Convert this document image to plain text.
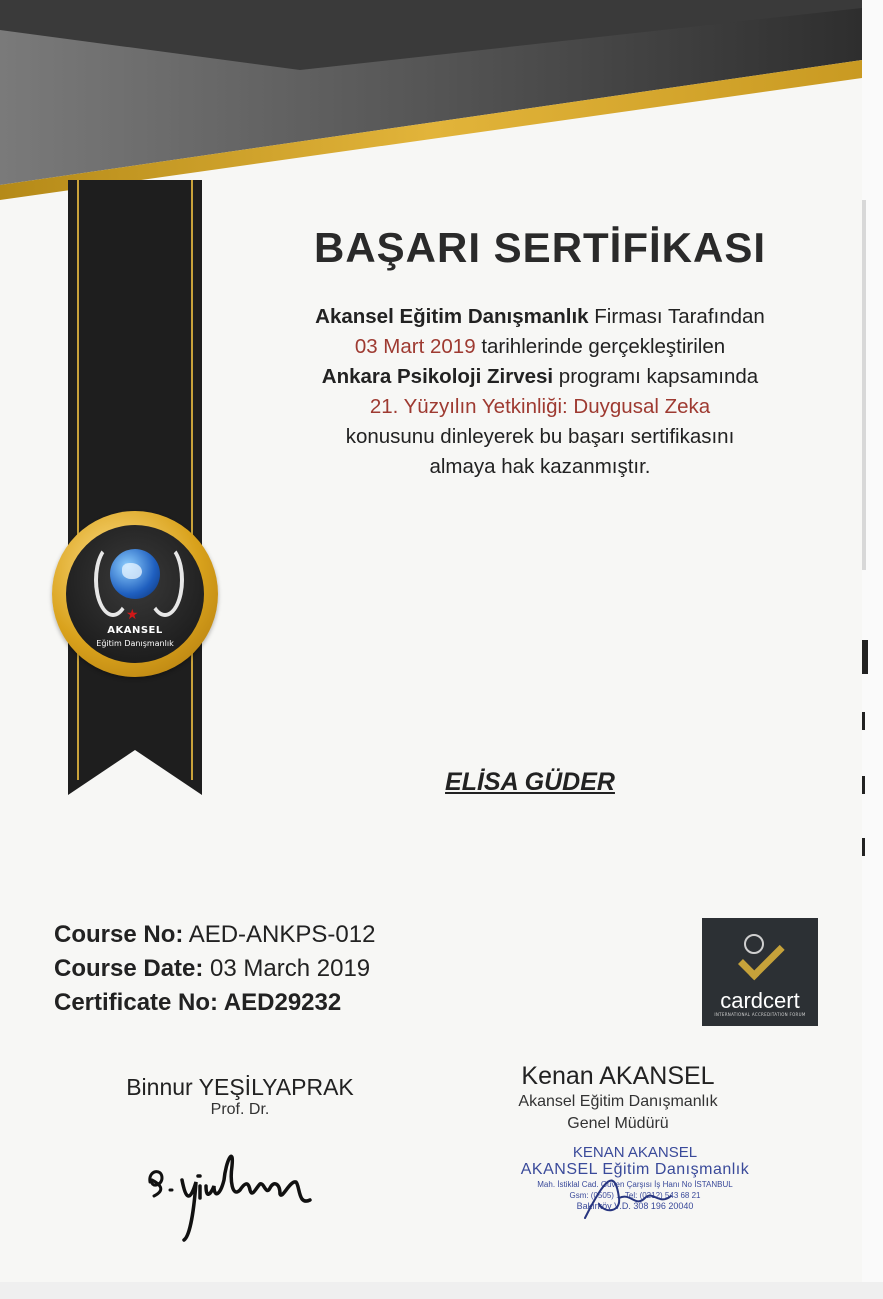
★
AKANSEL
Eğitim Danışmanlık
BAŞARI SERTİFİKASI
Akansel Eğitim Danışmanlık Firması Tarafından
03 Mart 2019 tarihlerinde gerçekleştirilen
Ankara Psikoloji Zirvesi programı kapsamında
21. Yüzyılın Yetkinliği: Duygusal Zeka
konusunu dinleyerek bu başarı sertifikasını
almaya hak kazanmıştır.
ELİSA GÜDER
Course No: AED-ANKPS-012
Course Date: 03 March 2019
Certificate No: AED29232	cardcert
INTERNATIONAL ACCREDITATION FORUM
Binnur YEŞİLYAPRAK
Prof. Dr.
Kenan AKANSEL
Akansel Eğitim Danışmanlık
Genel Müdürü
KENAN AKANSEL
AKANSEL Eğitim Danışmanlık
Mah. İstiklal Cad. Güven Çarşısı İş Hanı No İSTANBUL
Gsm: (0505) ... Tel: (0212) 543 68 21
Bakırköy V.D. 308 196 20040
